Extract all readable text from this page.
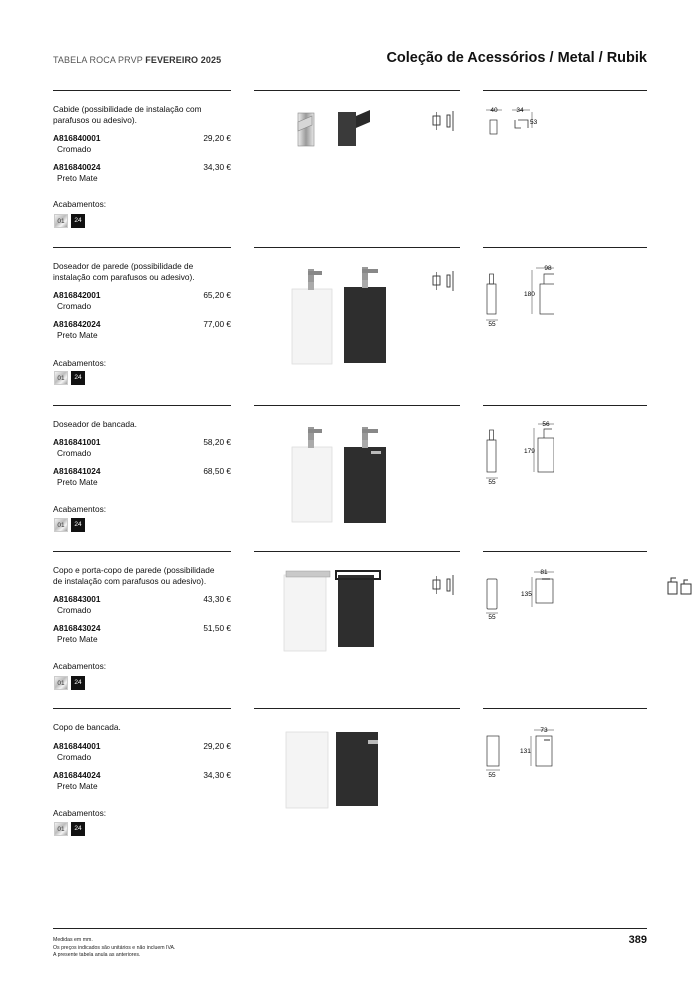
TABELA ROCA PRVP FEVEREIRO 2025	Coleção de Acessórios / Metal / Rubik
Cabide (possibilidade de instalação com parafusos ou adesivo).
A816840001
Cromado
29,20 €
A816840024
Preto Mate
34,30 €
Acabamentos:
01	24
40	34
53
Doseador de parede (possibilidade de instalação com parafusos ou adesivo).
A816842001
Cromado
65,20 €
A816842024
Preto Mate
77,00 €
Acabamentos:
01	24
55
98
180
Doseador de bancada.
A816841001
Cromado
58,20 €
A816841024
Preto Mate
68,50 €
Acabamentos:
01	24
55
56
179
Copo e porta-copo de parede (possibilidade de instalação com parafusos ou adesivo).
A816843001
Cromado
43,30 €
A816843024
Preto Mate
51,50 €
Acabamentos:
01	24
55
81
135
Copo de bancada.
A816844001
Cromado
29,20 €
A816844024
Preto Mate
34,30 €
Acabamentos:
01	24
55
73
131
Medidas em mm.
Os preços indicados são unitários e não incluem IVA.
A presente tabela anula as anteriores.
389
